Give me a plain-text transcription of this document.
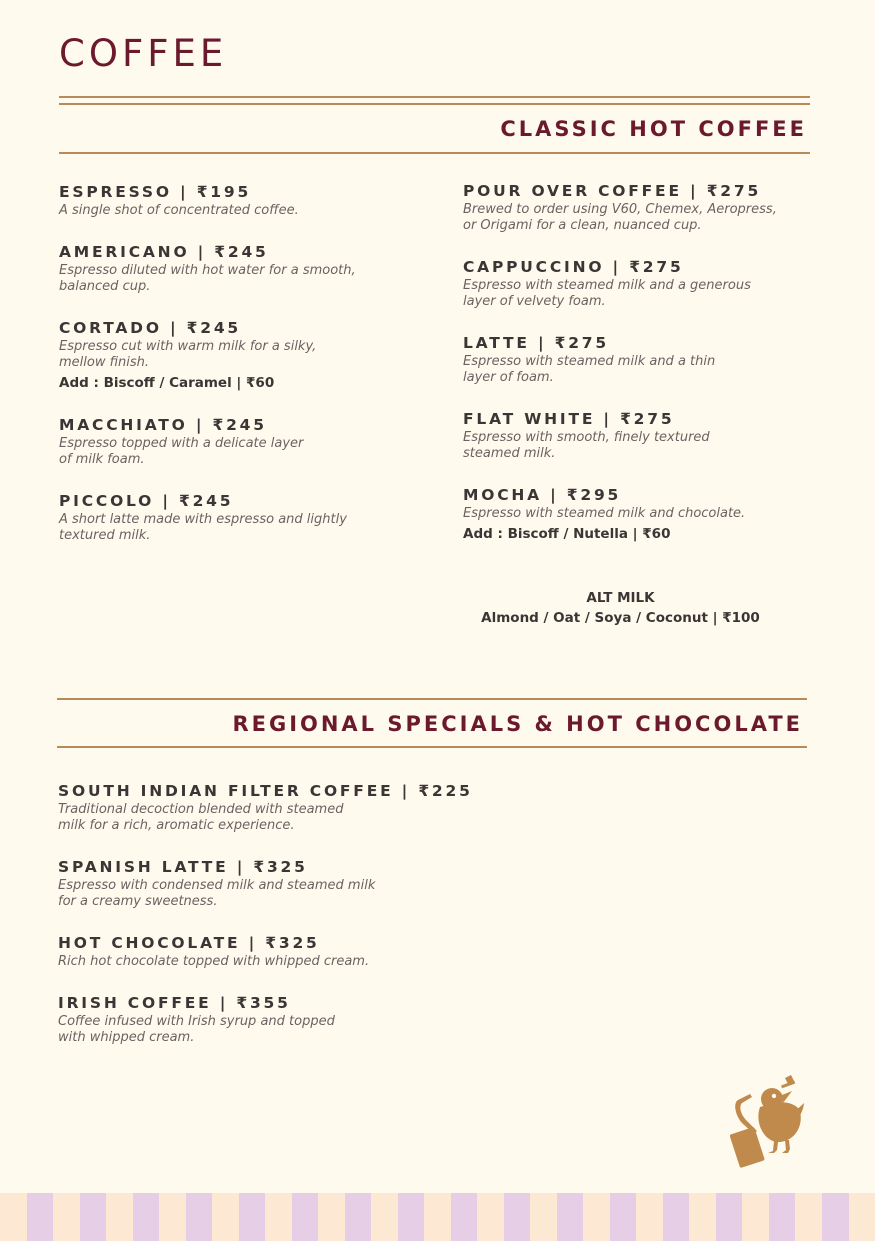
COFFEE
CLASSIC HOT COFFEE
ESPRESSO | ₹195
A single shot of concentrated coffee.
AMERICANO | ₹245
Espresso diluted with hot water for a smooth,
balanced cup.
CORTADO | ₹245
Espresso cut with warm milk for a silky,
mellow finish.
Add : Biscoff / Caramel | ₹60
MACCHIATO | ₹245
Espresso topped with a delicate layer
of milk foam.
PICCOLO | ₹245
A short latte made with espresso and lightly
textured milk.
POUR OVER COFFEE | ₹275
Brewed to order using V60, Chemex, Aeropress,
or Origami for a clean, nuanced cup.
CAPPUCCINO | ₹275
Espresso with steamed milk and a generous
layer of velvety foam.
LATTE | ₹275
Espresso with steamed milk and a thin
layer of foam.
FLAT WHITE | ₹275
Espresso with smooth, finely textured
steamed milk.
MOCHA | ₹295
Espresso with steamed milk and chocolate.
Add : Biscoff / Nutella | ₹60
ALT MILK
Almond / Oat / Soya / Coconut | ₹100
REGIONAL SPECIALS & HOT CHOCOLATE
SOUTH INDIAN FILTER COFFEE | ₹225
Traditional decoction blended with steamed
milk for a rich, aromatic experience.
SPANISH LATTE | ₹325
Espresso with condensed milk and steamed milk
for a creamy sweetness.
HOT CHOCOLATE | ₹325
Rich hot chocolate topped with whipped cream.
IRISH COFFEE | ₹355
Coffee infused with Irish syrup and topped
with whipped cream.
